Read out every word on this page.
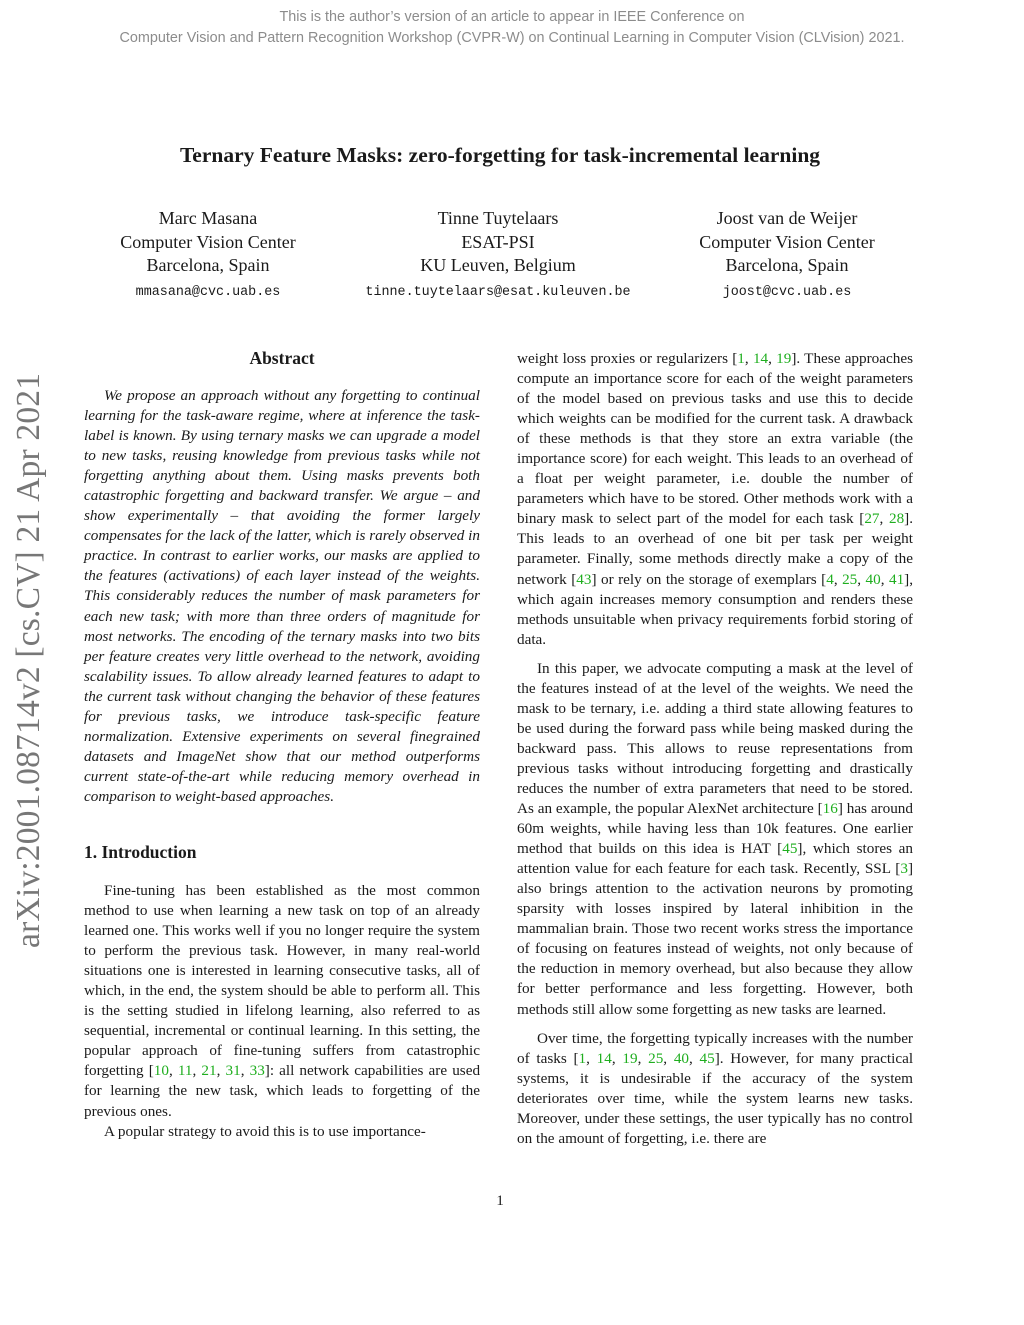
This is the author’s version of an article to appear in IEEE Conference on
Computer Vision and Pattern Recognition Workshop (CVPR-W) on Continual Learning in Computer Vision (CLVision) 2021.
Ternary Feature Masks: zero-forgetting for task-incremental learning
Marc Masana
Computer Vision Center
Barcelona, Spain
mmasana@cvc.uab.es
Tinne Tuytelaars
ESAT-PSI
KU Leuven, Belgium
tinne.tuytelaars@esat.kuleuven.be
Joost van de Weijer
Computer Vision Center
Barcelona, Spain
joost@cvc.uab.es
arXiv:2001.08714v2 [cs.CV] 21 Apr 2021
Abstract

We propose an approach without any forgetting to continual learning for the task-aware regime, where at inference the task-label is known. By using ternary masks we can upgrade a model to new tasks, reusing knowledge from previous tasks while not forgetting anything about them. Using masks prevents both catastrophic forgetting and backward transfer. We argue – and show experimentally – that avoiding the former largely compensates for the lack of the latter, which is rarely observed in practice. In contrast to earlier works, our masks are applied to the features (activations) of each layer instead of the weights. This considerably reduces the number of mask parameters for each new task; with more than three orders of magnitude for most networks. The encoding of the ternary masks into two bits per feature creates very little overhead to the network, avoiding scalability issues. To allow already learned features to adapt to the current task without changing the behavior of these features for previous tasks, we introduce task-specific feature normalization. Extensive experiments on several finegrained datasets and ImageNet show that our method outperforms current state-of-the-art while reducing memory overhead in comparison to weight-based approaches.

1. Introduction

Fine-tuning has been established as the most common method to use when learning a new task on top of an already learned one. This works well if you no longer require the system to perform the previous task. However, in many real-world situations one is interested in learning consecutive tasks, all of which, in the end, the system should be able to perform all. This is the setting studied in lifelong learning, also referred to as sequential, incremental or continual learning. In this setting, the popular approach of fine-tuning suffers from catastrophic forgetting [10, 11, 21, 31, 33]: all network capabilities are used for learning the new task, which leads to forgetting of the previous ones.

A popular strategy to avoid this is to use importance-

weight loss proxies or regularizers [1, 14, 19]. These approaches compute an importance score for each of the weight parameters of the model based on previous tasks and use this to decide which weights can be modified for the current task. A drawback of these methods is that they store an extra variable (the importance score) for each weight. This leads to an overhead of a float per weight parameter, i.e. double the number of parameters which have to be stored. Other methods work with a binary mask to select part of the model for each task [27, 28]. This leads to an overhead of one bit per task per weight parameter. Finally, some methods directly make a copy of the network [43] or rely on the storage of exemplars [4, 25, 40, 41], which again increases memory consumption and renders these methods unsuitable when privacy requirements forbid storing of data.

In this paper, we advocate computing a mask at the level of the features instead of at the level of the weights. We need the mask to be ternary, i.e. adding a third state allowing features to be used during the forward pass while being masked during the backward pass. This allows to reuse representations from previous tasks without introducing forgetting and drastically reduces the number of extra parameters that need to be stored. As an example, the popular AlexNet architecture [16] has around 60m weights, while having less than 10k features. One earlier method that builds on this idea is HAT [45], which stores an attention value for each feature for each task. Recently, SSL [3] also brings attention to the activation neurons by promoting sparsity with losses inspired by lateral inhibition in the mammalian brain. Those two recent works stress the importance of focusing on features instead of weights, not only because of the reduction in memory overhead, but also because they allow for better performance and less forgetting. However, both methods still allow some forgetting as new tasks are learned.

Over time, the forgetting typically increases with the number of tasks [1, 14, 19, 25, 40, 45]. However, for many practical systems, it is undesirable if the accuracy of the system deteriorates over time, while the system learns new tasks. Moreover, under these settings, the user typically has no control on the amount of forgetting, i.e. there are

1
